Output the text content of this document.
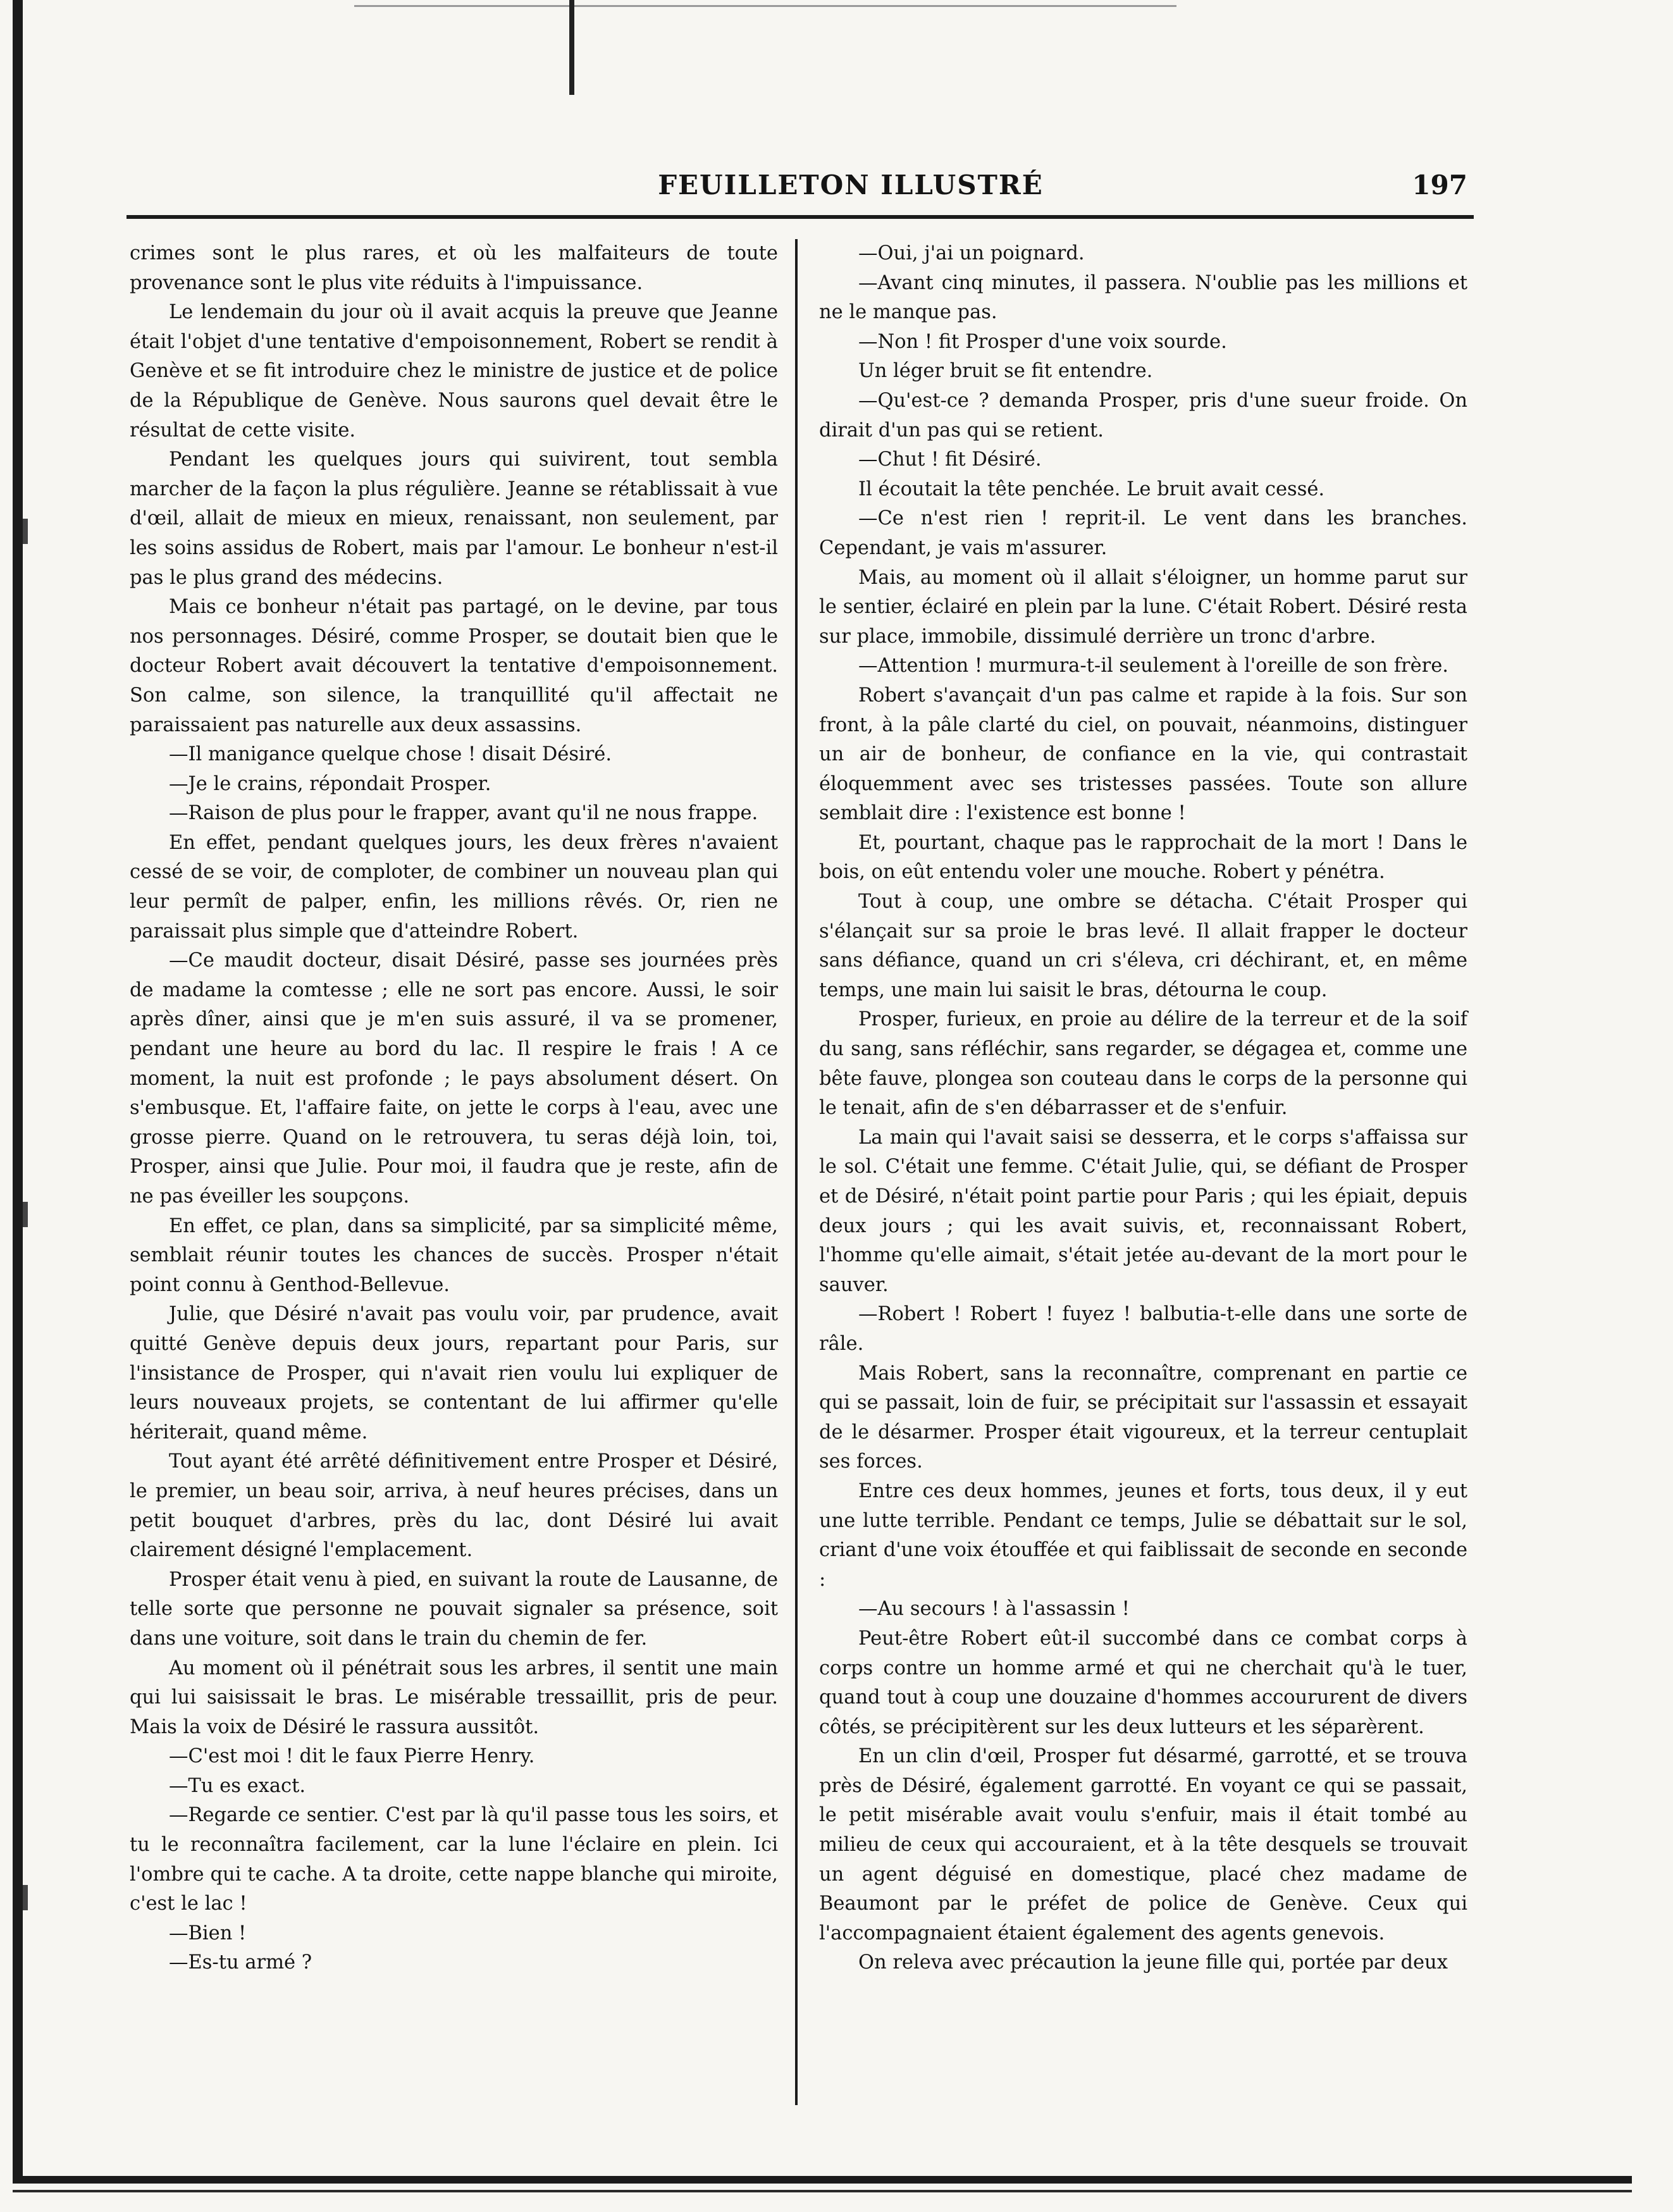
FEUILLETON ILLUSTRÉ	197

crimes sont le plus rares, et où les malfaiteurs de toute provenance sont le plus vite réduits à l'impuissance.

Le lendemain du jour où il avait acquis la preuve que Jeanne était l'objet d'une tentative d'empoisonnement, Robert se rendit à Genève et se fit introduire chez le ministre de justice et de police de la République de Genève. Nous saurons quel devait être le résultat de cette visite.

Pendant les quelques jours qui suivirent, tout sembla marcher de la façon la plus régulière. Jeanne se rétablissait à vue d'œil, allait de mieux en mieux, renaissant, non seulement, par les soins assidus de Robert, mais par l'amour. Le bonheur n'est-il pas le plus grand des médecins.

Mais ce bonheur n'était pas partagé, on le devine, par tous nos personnages. Désiré, comme Prosper, se doutait bien que le docteur Robert avait découvert la tentative d'empoisonnement. Son calme, son silence, la tranquillité qu'il affectait ne paraissaient pas naturelle aux deux assassins.

—Il manigance quelque chose ! disait Désiré.

—Je le crains, répondait Prosper.

—Raison de plus pour le frapper, avant qu'il ne nous frappe.

En effet, pendant quelques jours, les deux frères n'avaient cessé de se voir, de comploter, de combiner un nouveau plan qui leur permît de palper, enfin, les millions rêvés. Or, rien ne paraissait plus simple que d'atteindre Robert.

—Ce maudit docteur, disait Désiré, passe ses journées près de madame la comtesse ; elle ne sort pas encore. Aussi, le soir après dîner, ainsi que je m'en suis assuré, il va se promener, pendant une heure au bord du lac. Il respire le frais ! A ce moment, la nuit est profonde ; le pays absolument désert. On s'embusque. Et, l'affaire faite, on jette le corps à l'eau, avec une grosse pierre. Quand on le retrouvera, tu seras déjà loin, toi, Prosper, ainsi que Julie. Pour moi, il faudra que je reste, afin de ne pas éveiller les soupçons.

En effet, ce plan, dans sa simplicité, par sa simplicité même, semblait réunir toutes les chances de succès. Prosper n'était point connu à Genthod-Bellevue.

Julie, que Désiré n'avait pas voulu voir, par prudence, avait quitté Genève depuis deux jours, repartant pour Paris, sur l'insistance de Prosper, qui n'avait rien voulu lui expliquer de leurs nouveaux projets, se contentant de lui affirmer qu'elle hériterait, quand même.

Tout ayant été arrêté définitivement entre Prosper et Désiré, le premier, un beau soir, arriva, à neuf heures précises, dans un petit bouquet d'arbres, près du lac, dont Désiré lui avait clairement désigné l'emplacement.

Prosper était venu à pied, en suivant la route de Lausanne, de telle sorte que personne ne pouvait signaler sa présence, soit dans une voiture, soit dans le train du chemin de fer.

Au moment où il pénétrait sous les arbres, il sentit une main qui lui saisissait le bras. Le misérable tressaillit, pris de peur. Mais la voix de Désiré le rassura aussitôt.

—C'est moi ! dit le faux Pierre Henry.

—Tu es exact.

—Regarde ce sentier. C'est par là qu'il passe tous les soirs, et tu le reconnaîtra facilement, car la lune l'éclaire en plein. Ici l'ombre qui te cache. A ta droite, cette nappe blanche qui miroite, c'est le lac !

—Bien !

—Es-tu armé ?

—Oui, j'ai un poignard.

—Avant cinq minutes, il passera. N'oublie pas les millions et ne le manque pas.

—Non ! fit Prosper d'une voix sourde.

Un léger bruit se fit entendre.

—Qu'est-ce ? demanda Prosper, pris d'une sueur froide. On dirait d'un pas qui se retient.

—Chut ! fit Désiré.

Il écoutait la tête penchée. Le bruit avait cessé.

—Ce n'est rien ! reprit-il. Le vent dans les branches. Cependant, je vais m'assurer.

Mais, au moment où il allait s'éloigner, un homme parut sur le sentier, éclairé en plein par la lune. C'était Robert. Désiré resta sur place, immobile, dissimulé derrière un tronc d'arbre.

—Attention ! murmura-t-il seulement à l'oreille de son frère.

Robert s'avançait d'un pas calme et rapide à la fois. Sur son front, à la pâle clarté du ciel, on pouvait, néanmoins, distinguer un air de bonheur, de confiance en la vie, qui contrastait éloquemment avec ses tristesses passées. Toute son allure semblait dire : l'existence est bonne !

Et, pourtant, chaque pas le rapprochait de la mort ! Dans le bois, on eût entendu voler une mouche. Robert y pénétra.

Tout à coup, une ombre se détacha. C'était Prosper qui s'élançait sur sa proie le bras levé. Il allait frapper le docteur sans défiance, quand un cri s'éleva, cri déchirant, et, en même temps, une main lui saisit le bras, détourna le coup.

Prosper, furieux, en proie au délire de la terreur et de la soif du sang, sans réfléchir, sans regarder, se dégagea et, comme une bête fauve, plongea son couteau dans le corps de la personne qui le tenait, afin de s'en débarrasser et de s'enfuir.

La main qui l'avait saisi se desserra, et le corps s'affaissa sur le sol. C'était une femme. C'était Julie, qui, se défiant de Prosper et de Désiré, n'était point partie pour Paris ; qui les épiait, depuis deux jours ; qui les avait suivis, et, reconnaissant Robert, l'homme qu'elle aimait, s'était jetée au-devant de la mort pour le sauver.

—Robert ! Robert ! fuyez ! balbutia-t-elle dans une sorte de râle.

Mais Robert, sans la reconnaître, comprenant en partie ce qui se passait, loin de fuir, se précipitait sur l'assassin et essayait de le désarmer. Prosper était vigoureux, et la terreur centuplait ses forces.

Entre ces deux hommes, jeunes et forts, tous deux, il y eut une lutte terrible. Pendant ce temps, Julie se débattait sur le sol, criant d'une voix étouffée et qui faiblissait de seconde en seconde :

—Au secours ! à l'assassin !

Peut-être Robert eût-il succombé dans ce combat corps à corps contre un homme armé et qui ne cherchait qu'à le tuer, quand tout à coup une douzaine d'hommes accoururent de divers côtés, se précipitèrent sur les deux lutteurs et les séparèrent.

En un clin d'œil, Prosper fut désarmé, garrotté, et se trouva près de Désiré, également garrotté. En voyant ce qui se passait, le petit misérable avait voulu s'enfuir, mais il était tombé au milieu de ceux qui accouraient, et à la tête desquels se trouvait un agent déguisé en domestique, placé chez madame de Beaumont par le préfet de police de Genève. Ceux qui l'accompagnaient étaient également des agents genevois.

On releva avec précaution la jeune fille qui, portée par deux
